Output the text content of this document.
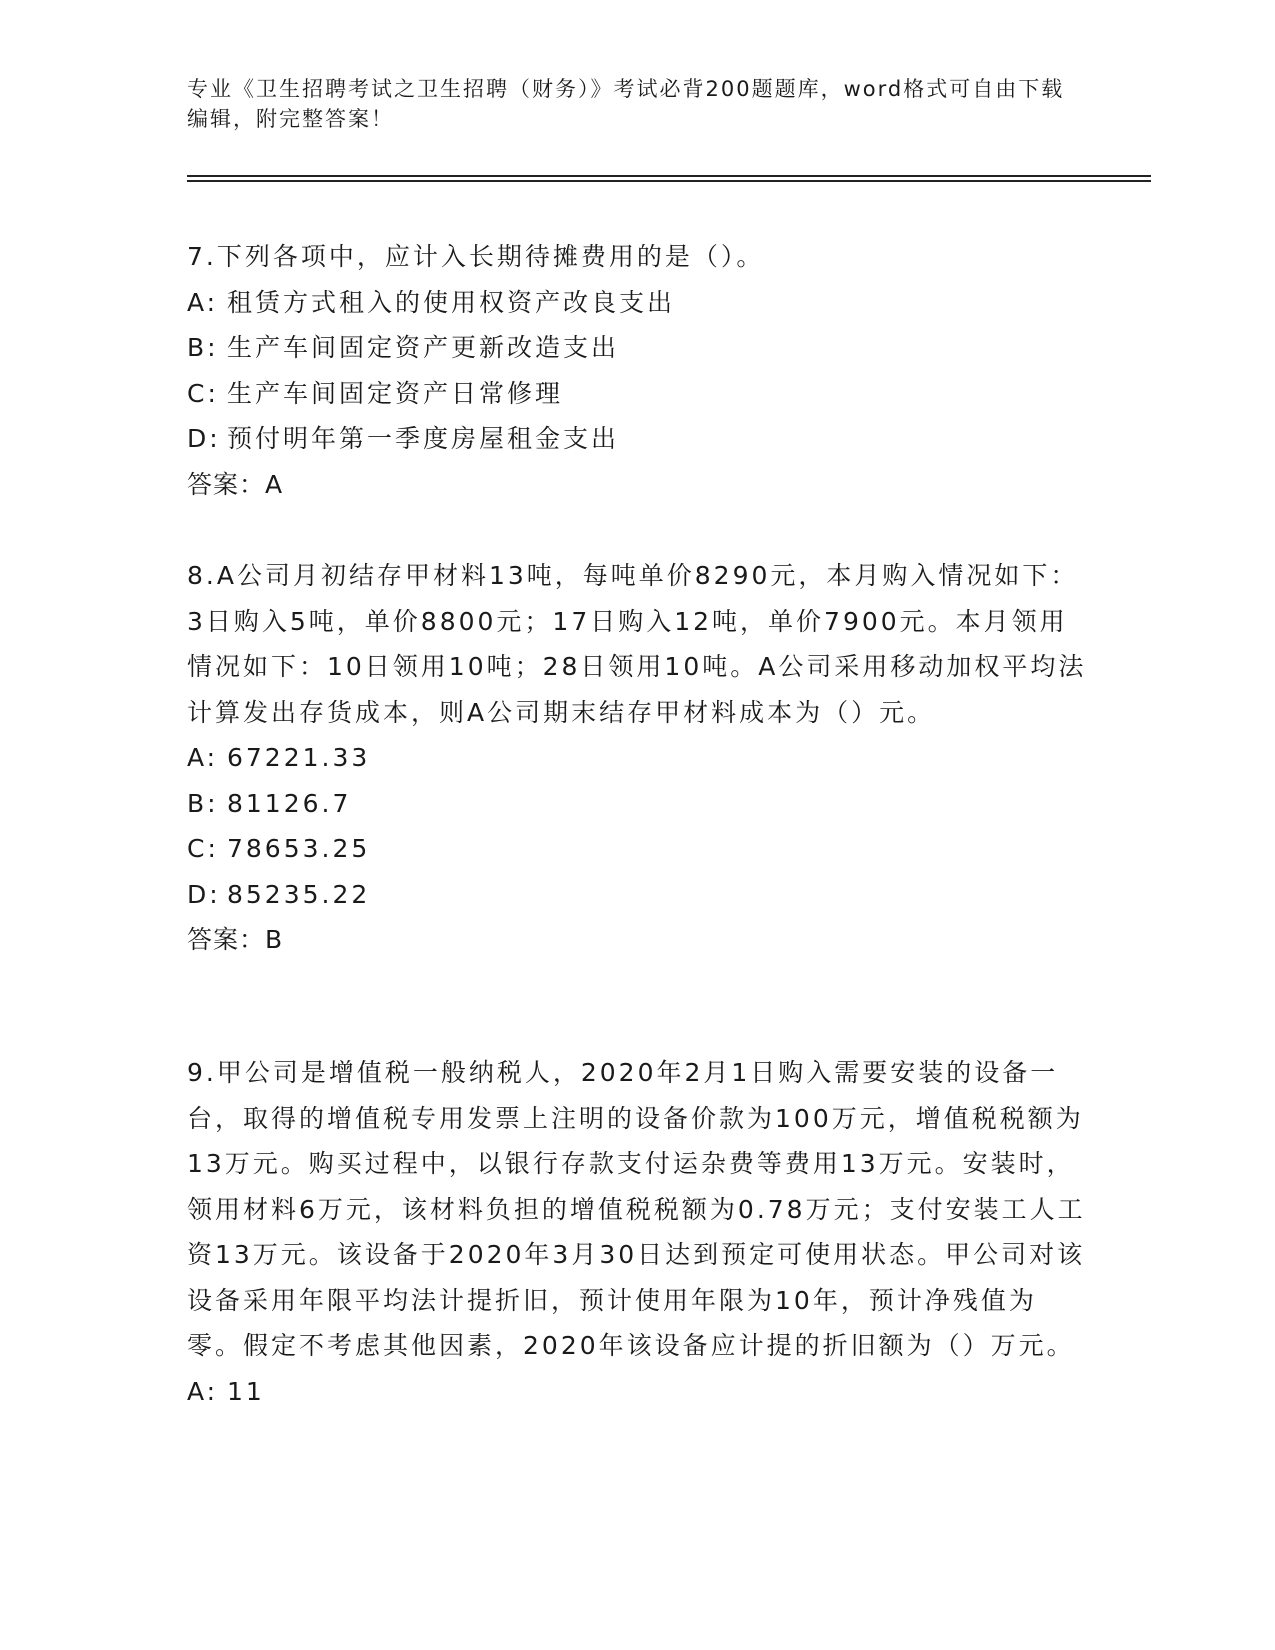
专业《卫生招聘考试之卫生招聘（财务）》考试必背200题题库，word格式可自由下载编辑，附完整答案！

7.下列各项中，应计入长期待摊费用的是（）。

A: 租赁方式租入的使用权资产改良支出

B: 生产车间固定资产更新改造支出

C: 生产车间固定资产日常修理

D: 预付明年第一季度房屋租金支出

答案：A

8.A公司月初结存甲材料13吨，每吨单价8290元，本月购入情况如下：3日购入5吨，单价8800元；17日购入12吨，单价7900元。本月领用情况如下：10日领用10吨；28日领用10吨。A公司采用移动加权平均法计算发出存货成本，则A公司期末结存甲材料成本为（）元。

A: 67221.33

B: 81126.7

C: 78653.25

D: 85235.22

答案：B

9.甲公司是增值税一般纳税人，2020年2月1日购入需要安装的设备一台，取得的增值税专用发票上注明的设备价款为100万元，增值税税额为13万元。购买过程中，以银行存款支付运杂费等费用13万元。安装时，领用材料6万元，该材料负担的增值税税额为0.78万元；支付安装工人工资13万元。该设备于2020年3月30日达到预定可使用状态。甲公司对该设备采用年限平均法计提折旧，预计使用年限为10年，预计净残值为零。假定不考虑其他因素，2020年该设备应计提的折旧额为（）万元。

A: 11
